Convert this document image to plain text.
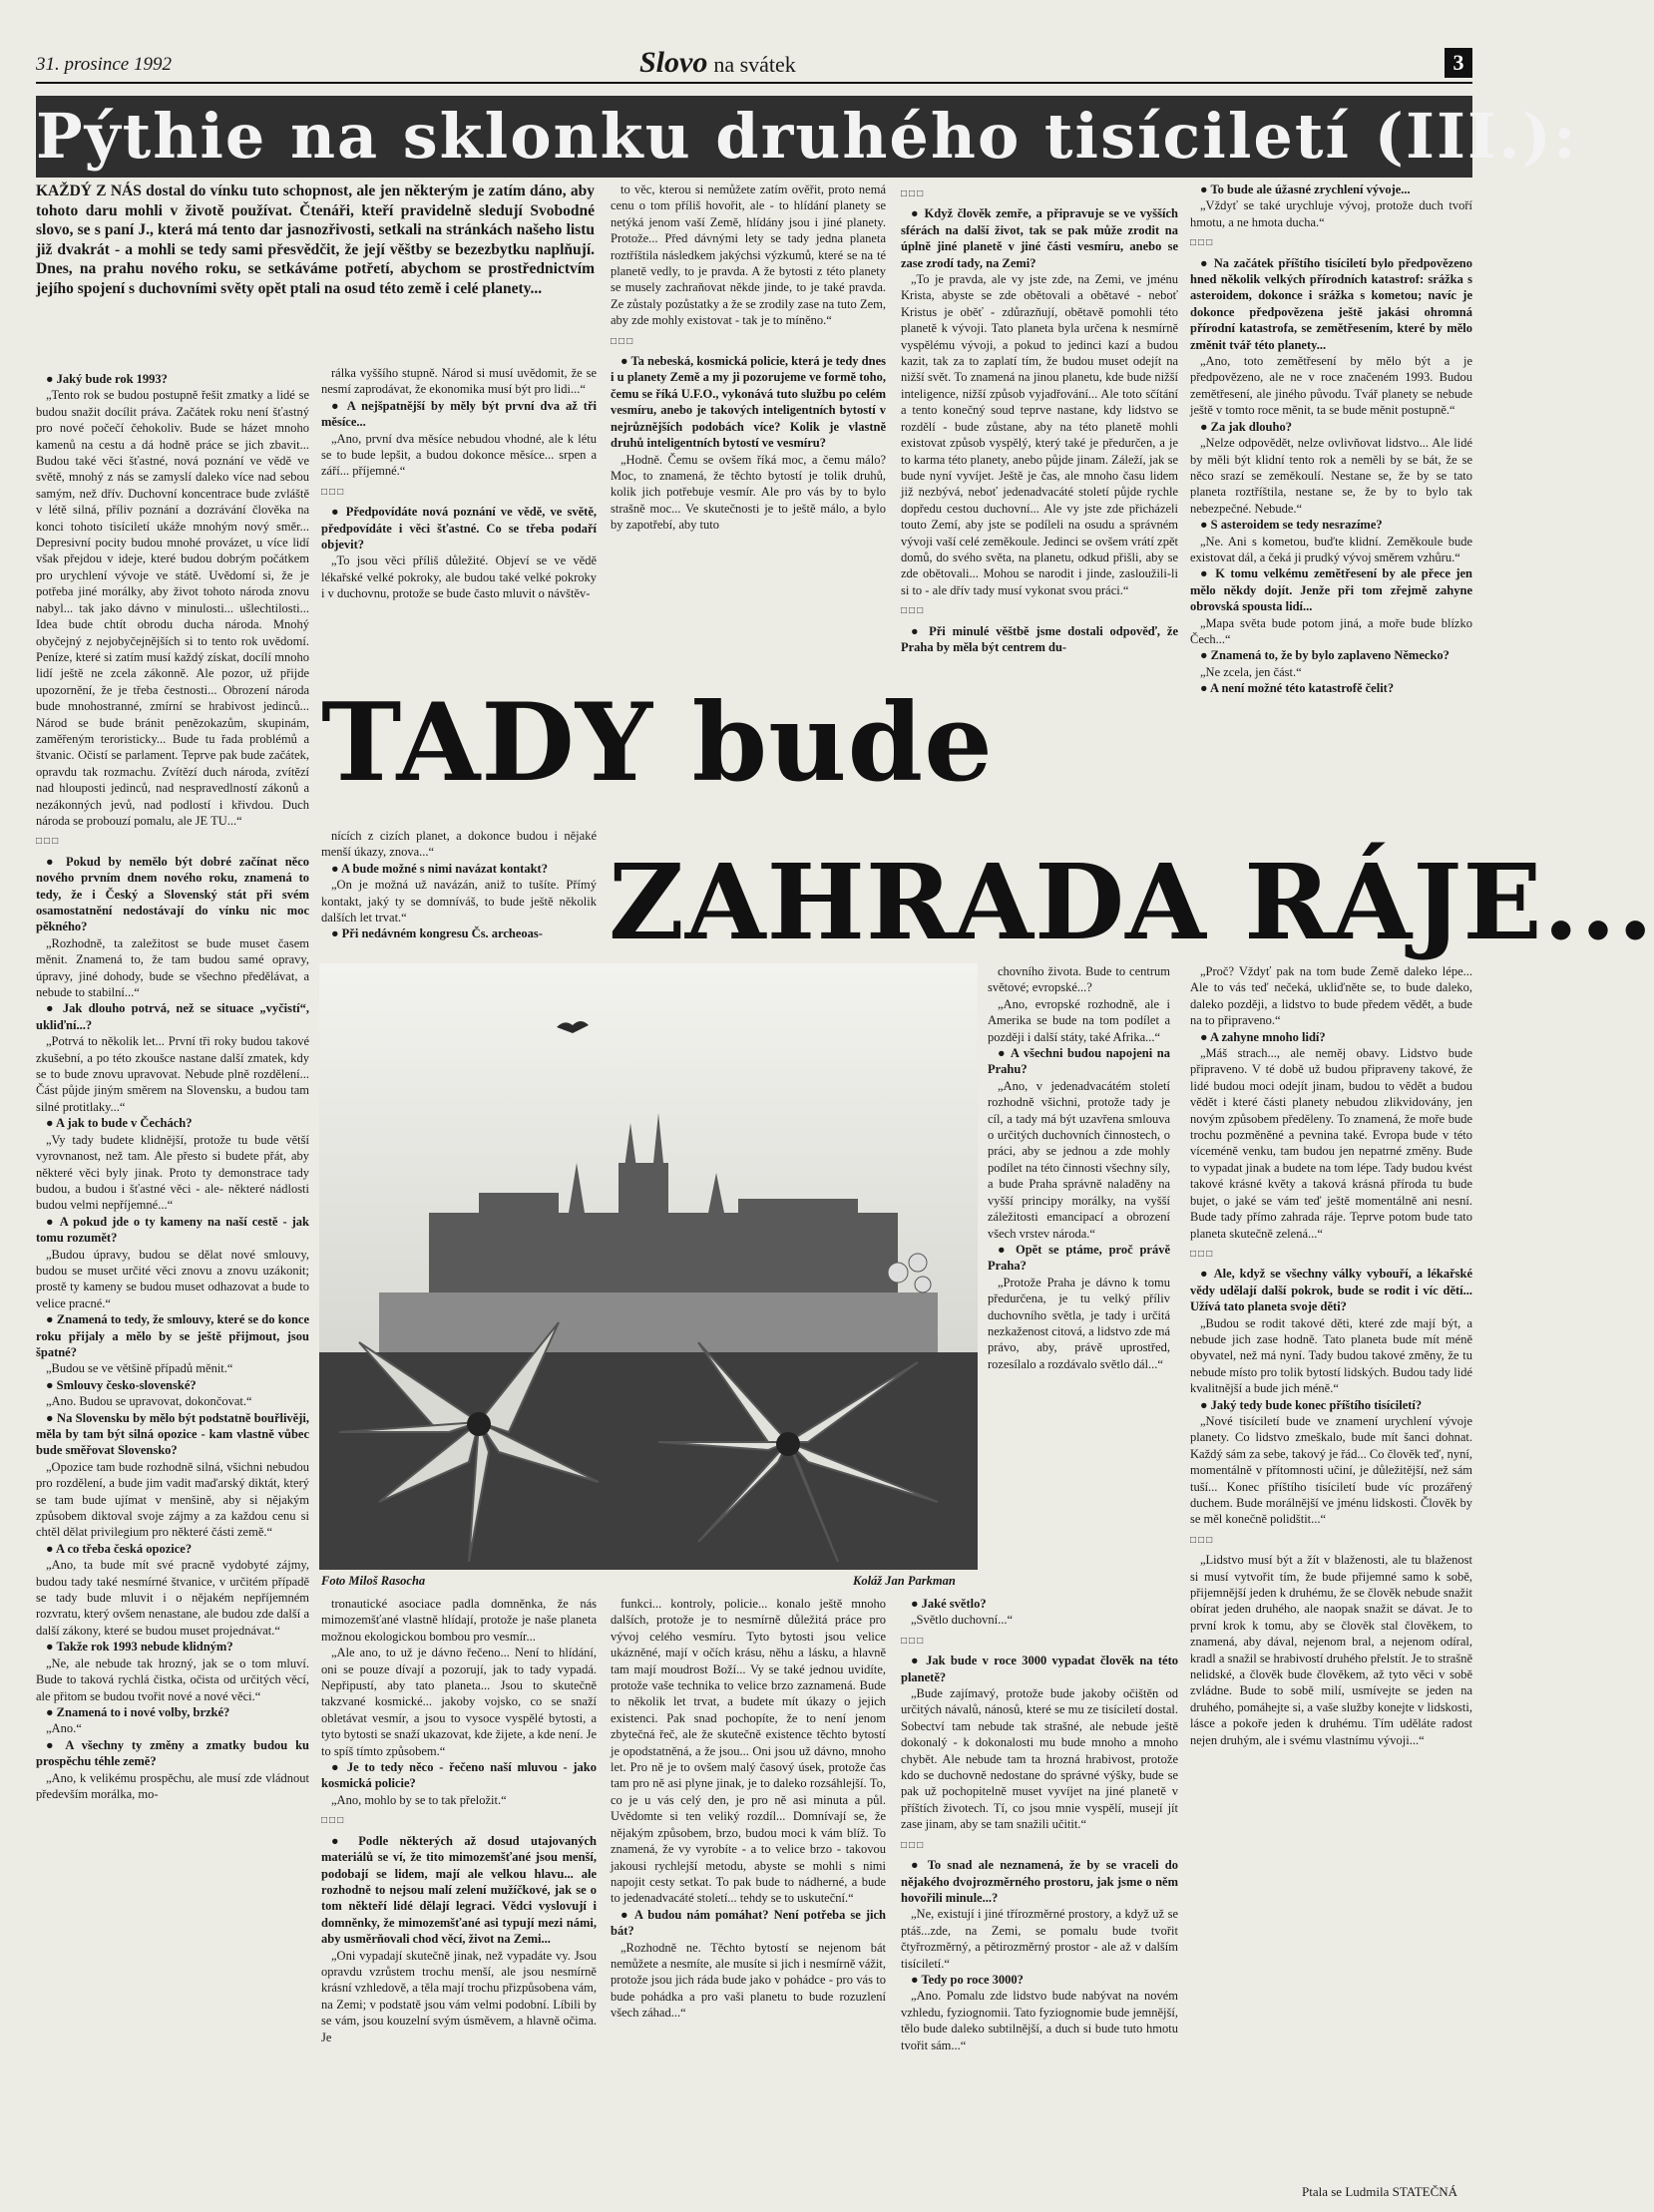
31. prosince 1992	Slovo na svátek	3
Pýthie na sklonku druhého tisíciletí (III.):
KAŽDÝ Z NÁS dostal do vínku tuto schopnost, ale jen některým je zatím dáno, aby tohoto daru mohli v životě používat. Čtenáři, kteří pravidelně sledují Svobodné slovo, se s paní J., která má tento dar jasnozřivosti, setkali na stránkách našeho listu již dvakrát - a mohli se tedy sami přesvědčit, že její věštby se bezezbytku naplňují. Dnes, na prahu nového roku, se setkáváme potřetí, abychom se prostřednictvím jejího spojení s duchovními světy opět ptali na osud této země i celé planety...

● Jaký bude rok 1993?

„Tento rok se budou postupně řešit zmatky a lidé se budou snažit docílit práva. Začátek roku není šťastný pro nové počečí čehokoliv. Bude se házet mnoho kamenů na cestu a dá hodně práce se jich zbavit... Budou také věci šťastné, nová poznání ve vědě ve světě, mnohý z nás se zamyslí daleko více nad sebou samým, než dřív. Duchovní koncentrace bude zvláště v létě silná, příliv poznání a dozrávání člověka na konci tohoto tisíciletí ukáže mnohým nový směr... Depresivní pocity budou mnohé provázet, u více lidí však přejdou v ideje, které budou dobrým počátkem pro urychlení vývoje ve státě. Uvědomí si, že je potřeba jiné morálky, aby život tohoto národa znovu nabyl... tak jako dávno v minulosti... ušlechtilosti... Idea bude chtít obrodu ducha národa. Mnohý obyčejný z nejobyčejnějších si to tento rok uvědomí. Peníze, které si zatím musí každý získat, docílí mnoho lidí ještě ne zcela zákonně. Ale pozor, už přijde upozornění, že je třeba čestnosti... Obrození národa bude mnohostranné, zmírní se hrabivost jedinců... Národ se bude bránit penězokazům, skupinám, zaměřeným teroristicky... Bude tu řada problémů a štvanic. Očistí se parlament. Teprve pak bude začátek, opravdu tak rozmachu. Zvítězí duch národa, zvítězí nad hlouposti jedinců, nad nespravedlností zákonů a nezákonných jevů, nad podlostí i křivdou. Duch národa se probouzí pomalu, ale JE TU...“

□□□

● Pokud by nemělo být dobré začínat něco nového prvním dnem nového roku, znamená to tedy, že i Český a Slovenský stát při svém osamostatnění nedostávají do vínku nic moc pěkného?

„Rozhodně, ta zaležitost se bude muset časem měnit. Znamená to, že tam budou samé opravy, úpravy, jiné dohody, bude se všechno předělávat, a nebude to stabilní...“

● Jak dlouho potrvá, než se situace „vyčistí“, ukliďní...?

„Potrvá to několik let... První tři roky budou takové zkušební, a po této zkoušce nastane další zmatek, kdy se to bude znovu upravovat. Nebude plně rozdělení... Část půjde jiným směrem na Slovensku, a budou tam silné protitlaky...“

● A jak to bude v Čechách?

„Vy tady budete klidnější, protože tu bude větší vyrovnanost, než tam. Ale přesto si budete přát, aby některé věci byly jinak. Proto ty demonstrace tady budou, a budou i šťastné věci - ale- některé nádlosti budou velmi nepříjemné...“

● A pokud jde o ty kameny na naší cestě - jak tomu rozumět?

„Budou úpravy, budou se dělat nové smlouvy, budou se muset určité věci znovu a znovu uzákonit; prostě ty kameny se budou muset odhazovat a bude to velice pracné.“

● Znamená to tedy, že smlouvy, které se do konce roku přijaly a mělo by se ještě přijmout, jsou špatné?

„Budou se ve většině případů měnit.“

● Smlouvy česko-slovenské?

„Ano. Budou se upravovat, dokončovat.“

● Na Slovensku by mělo být podstatně bouřlivěji, měla by tam být silná opozice - kam vlastně vůbec bude směřovat Slovensko?

„Opozice tam bude rozhodně silná, všichni nebudou pro rozdělení, a bude jim vadit maďarský diktát, který se tam bude ujímat v menšině, aby si nějakým způsobem diktoval svoje zájmy a za každou cenu si chtěl dělat privilegium pro některé části země.“

● A co třeba česká opozice?

„Ano, ta bude mít své pracně vydobyté zájmy, budou tady také nesmírné štvanice, v určitém případě se tady bude mluvit i o nějakém nepříjemném rozvratu, který ovšem nenastane, ale budou zde další a další zákony, které se budou muset projednávat.“

● Takže rok 1993 nebude klidným?

„Ne, ale nebude tak hrozný, jak se o tom mluví. Bude to taková rychlá čistka, očista od určitých věcí, ale přitom se budou tvořit nové a nové věci.“

● Znamená to i nové volby, brzké?

„Ano.“

● A všechny ty změny a zmatky budou ku prospěchu téhle země?

„Ano, k velikému prospěchu, ale musí zde vládnout především morálka, mo-

rálka vyššího stupně. Národ si musí uvědomit, že se nesmí zaprodávat, že ekonomika musí být pro lidi...“

● A nejšpatnější by měly být první dva až tři měsíce...

„Ano, první dva měsíce nebudou vhodné, ale k létu se to bude lepšit, a budou dokonce měsíce... srpen a září... příjemné.“

□□□

● Předpovídáte nová poznání ve vědě, ve světě, předpovídáte i věci šťastné. Co se třeba podaří objevit?

„To jsou věci příliš důležité. Objeví se ve vědě lékařské velké pokroky, ale budou také velké pokroky i v duchovnu, protože se bude často mluvit o návštěv-

to věc, kterou si nemůžete zatím ověřit, proto nemá cenu o tom příliš hovořit, ale - to hlídání planety se netýká jenom vaší Země, hlídány jsou i jiné planety. Protože... Před dávnými lety se tady jedna planeta roztříštila následkem jakýchsi výzkumů, které se na té planetě vedly, to je pravda. A že bytosti z této planety se musely zachraňovat někde jinde, to je také pravda. Ze zůstaly pozůstatky a že se zrodily zase na tuto Zem, aby zde mohly existovat - tak je to míněno.“

□□□

● Ta nebeská, kosmická policie, která je tedy dnes i u planety Země a my ji pozorujeme ve formě toho, čemu se říká U.F.O., vykonává tuto službu po celém vesmíru, anebo je takových inteligentních bytostí v nejrůznějších podobách více? Kolik je vlastně druhů inteligentních bytostí ve vesmíru?

„Hodně. Čemu se ovšem říká moc, a čemu málo? Moc, to znamená, že těchto bytostí je tolik druhů, kolik jich potřebuje vesmír. Ale pro vás by to bylo strašně moc... Ve skutečnosti je to ještě málo, a bylo by zapotřebí, aby tuto

□□□

● Když člověk zemře, a připravuje se ve vyšších sférách na další život, tak se pak může zrodit na úplně jiné planetě v jiné části vesmíru, anebo se zase zrodí tady, na Zemi?

„To je pravda, ale vy jste zde, na Zemi, ve jménu Krista, abyste se zde obětovali a obětavé - neboť Kristus je oběť - zdůrazňují, obětavě pomohli této planetě k vývoji. Tato planeta byla určena k nesmírně vyspělému vývoji, a pokud to jedinci kazí a budou kazit, tak za to zaplatí tím, že budou muset odejít na nižší svět. To znamená na jinou planetu, kde bude nižší inteligence, nižší způsob vyjadřování... Ale toto sčítání a tento konečný soud teprve nastane, kdy lidstvo se rozdělí - bude zůstane, aby na této planetě mohli existovat způsob vyspělý, který také je předurčen, a je to karma této planety, anebo půjde jinam. Záleží, jak se bude nyní vyvíjet. Ještě je čas, ale mnoho času lidem již nezbývá, neboť jedenadvacáté století půjde rychle dopředu cestou duchovní... Ale vy jste zde přicházeli touto Zemí, aby jste se podíleli na osudu a správném vývoji vaší celé zeměkoule. Jedinci se ovšem vrátí zpět domů, do svého světa, na planetu, odkud přišli, aby se zde obětovali... Mohou se narodit i jinde, zasloužili-li si to - ale dřív tady musí vykonat svou práci.“

□□□

● Při minulé věštbě jsme dostali odpověď, že Praha by měla být centrem du-

● To bude ale úžasné zrychlení vývoje...

„Vždyť se také urychluje vývoj, protože duch tvoří hmotu, a ne hmota ducha.“

□□□

● Na začátek příštího tisíciletí bylo předpovězeno hned několik velkých přírodních katastrof: srážka s asteroidem, dokonce i srážka s kometou; navíc je dokonce předpovězena ještě jakási ohromná přírodní katastrofa, se zemětřesením, které by mělo změnit tvář této planety...

„Ano, toto zemětřesení by mělo být a je předpovězeno, ale ne v roce značeném 1993. Budou zemětřesení, ale jiného původu. Tvář planety se nebude ještě v tomto roce měnit, ta se bude měnit postupně.“

● Za jak dlouho?

„Nelze odpovědět, nelze ovlivňovat lidstvo... Ale lidé by měli být klidní tento rok a neměli by se bát, že se něco srazí se zeměkoulí. Nestane se, že by se tato planeta roztříštila, nestane se, že by to bylo tak nebezpečné. Nebude.“

● S asteroidem se tedy nesrazíme?

„Ne. Ani s kometou, buďte klidní. Zeměkoule bude existovat dál, a čeká ji prudký vývoj směrem vzhůru.“

● K tomu velkému zemětřesení by ale přece jen mělo někdy dojít. Jenže při tom zřejmě zahyne obrovská spousta lidí...

„Mapa světa bude potom jiná, a moře bude blízko Čech...“

● Znamená to, že by bylo zaplaveno Německo?

„Ne zcela, jen část.“

● A není možné této katastrofě čelit?

TADY bude
ZAHRADA RÁJE...

nících z cizích planet, a dokonce budou i nějaké menší úkazy, znova...“

● A bude možné s nimi navázat kontakt?

„On je možná už navázán, aniž to tušíte. Přímý kontakt, jaký ty se domníváš, to bude ještě několik dalších let trvat.“

● Při nedávném kongresu Čs. archeoas-

chovního života. Bude to centrum světové; evropské...?

„Ano, evropské rozhodně, ale i Amerika se bude na tom podílet a později i další státy, také Afrika...“

● A všechni budou napojeni na Prahu?

„Ano, v jedenadvacátém století rozhodně všichni, protože tady je cíl, a tady má být uzavřena smlouva o určitých duchovních činnostech, o práci, aby se jednou a zde mohly podílet na této činnosti všechny síly, a bude Praha správně naladěny na vyšší principy morálky, na vyšší záležitosti emancipací a obrození všech vrstev národa.“

● Opět se ptáme, proč právě Praha?

„Protože Praha je dávno k tomu předurčena, je tu velký příliv duchovního světla, je tady i určitá nezkaženost citová, a lidstvo zde má právo, aby, právě uprostřed, rozesílalo a rozdávalo světlo dál...“

„Proč? Vždyť pak na tom bude Země daleko lépe... Ale to vás teď nečeká, ukliďněte se, to bude daleko, daleko později, a lidstvo to bude předem vědět, a bude na to připraveno.“

● A zahyne mnoho lidí?

„Máš strach..., ale neměj obavy. Lidstvo bude připraveno. V té době už budou připraveny takové, že lidé budou moci odejít jinam, budou to vědět a budou vědět i které části planety nebudou zlikvidovány, jen novým způsobem předěleny. To znamená, že moře bude trochu pozměněné a pevnina také. Evropa bude v této víceméně venku, tam budou jen nepatrné změny. Bude to vypadat jinak a budete na tom lépe. Tady budou kvést takové krásné květy a taková krásná příroda tu bude bujet, o jaké se vám teď ještě momentálně ani nesní. Bude tady přímo zahrada ráje. Teprve potom bude tato planeta skutečně zelená...“

□□□

● Ale, když se všechny války vybouří, a lékařské vědy udělají další pokrok, bude se rodit i víc dětí... Užívá tato planeta svoje děti?

„Budou se rodit takové děti, které zde mají být, a nebude jich zase hodně. Tato planeta bude mít méně obyvatel, než má nyní. Tady budou takové změny, že tu nebude místo pro tolik bytostí lidských. Budou tady lidé kvalitnější a bude jich méně.“

● Jaký tedy bude konec příštího tisíciletí?

„Nové tisíciletí bude ve znamení urychlení vývoje planety. Co lidstvo zmeškalo, bude mít šanci dohnat. Každý sám za sebe, takový je řád... Co člověk teď, nyní, momentálně v přítomnosti učiní, je důležitější, než sám tuší... Konec příštího tisíciletí bude víc prozářený duchem. Bude morálnější ve jménu lidskosti. Člověk by se měl konečně polidštit...“

□□□

„Lidstvo musí být a žít v blaženosti, ale tu blaženost si musí vytvořit tím, že bude přijemné samo k sobě, přijemnější jeden k druhému, že se člověk nebude snažit obírat jeden druhého, ale naopak snažit se dávat. Je to první krok k tomu, aby se člověk stal člověkem, to znamená, aby dával, nejenom bral, a nejenom odíral, kradl a snažil se hrabivostí druhého přelstít. Je to strašně nelidské, a člověk bude člověkem, až tyto věci v sobě zvládne. Bude to sobě milí, usmívejte se jeden na druhého, pomáhejte si, a vaše služby konejte v lidskosti, lásce a pokoře jeden k druhému. Tím uděláte radost nejen druhým, ale i svému vlastnímu vývoji...“

Foto Miloš Rasocha	Koláž Jan Parkman

tronautické asociace padla domněnka, že nás mimozemšťané vlastně hlídají, protože je naše planeta možnou ekologickou bombou pro vesmír...

„Ale ano, to už je dávno řečeno... Není to hlídání, oni se pouze dívají a pozorují, jak to tady vypadá. Nepřipustí, aby tato planeta... Jsou to skutečně takzvané kosmické... jakoby vojsko, co se snaží obletávat vesmír, a jsou to vysoce vyspělé bytosti, a tyto bytosti se snaží ukazovat, kde žijete, a kde není. Je to spíš tímto způsobem.“

● Je to tedy něco - řečeno naší mluvou - jako kosmická policie?

„Ano, mohlo by se to tak přeložit.“

□□□

● Podle některých až dosud utajovaných materiálů se ví, že tito mimozemšťané jsou menší, podobají se lidem, mají ale velkou hlavu... ale rozhodně to nejsou malí zelení mužíčkové, jak se o tom někteří lidé dělají legraci. Vědci vyslovují i domněnky, že mimozemšťané asi typují mezi námi, aby usměrňovali chod věcí, život na Zemi...

„Oni vypadají skutečně jinak, než vypadáte vy. Jsou opravdu vzrůstem trochu menší, ale jsou nesmírně krásní vzhledově, a těla mají trochu přizpůsobena vám, na Zemi; v podstatě jsou vám velmi podobní. Líbili by se vám, jsou kouzelní svým úsměvem, a hlavně očima. Je

funkci... kontroly, policie... konalo ještě mnoho dalších, protože je to nesmírně důležitá práce pro vývoj celého vesmíru. Tyto bytosti jsou velice ukázněné, mají v očích krásu, něhu a lásku, a hlavně tam mají moudrost Boží... Vy se také jednou uvidíte, protože vaše technika to velice brzo zaznamená. Bude to několik let trvat, a budete mít úkazy o jejich existenci. Pak snad pochopíte, že to není jenom zbytečná řeč, ale že skutečně existence těchto bytostí je opodstatněná, a že jsou... Oni jsou už dávno, mnoho let. Pro ně je to ovšem malý časový úsek, protože čas tam pro ně asi plyne jinak, je to daleko rozsáhlejší. To, co je u vás celý den, je pro ně asi minuta a půl. Uvědomte si ten veliký rozdíl... Domnívají se, že nějakým způsobem, brzo, budou moci k vám blíž. To znamená, že vy vyrobíte - a to velice brzo - takovou jakousi rychlejší metodu, abyste se mohli s nimi napojit cesty setkat. To pak bude to nádherné, a bude to jedenadvacáté století... tehdy se to uskuteční.“

● A budou nám pomáhat? Není potřeba se jich bát?

„Rozhodně ne. Těchto bytostí se nejenom bát nemůžete a nesmíte, ale musíte si jich i nesmírně vážit, protože jsou jich ráda bude jako v pohádce - pro vás to bude pohádka a pro vaši planetu to bude rozuzlení všech záhad...“

● Jaké světlo?

„Světlo duchovní...“

□□□

● Jak bude v roce 3000 vypadat člověk na této planetě?

„Bude zajímavý, protože bude jakoby očištěn od určitých návalů, nánosů, které se mu ze tisíciletí dostal. Sobectví tam nebude tak strašné, ale nebude ještě dokonalý - k dokonalosti mu bude mnoho a mnoho chybět. Ale nebude tam ta hrozná hrabivost, protože kdo se duchovně nedostane do správné výšky, bude se pak už pochopitelně muset vyvíjet na jiné planetě v příštích životech. Tí, co jsou mnie vyspělí, musejí jít zase jinam, aby se tam snažili učitit.“

□□□

● To snad ale neznamená, že by se vraceli do nějakého dvojrozměrného prostoru, jak jsme o něm hovořili minule...?

„Ne, existují i jiné třírozměrné prostory, a když už se ptáš...zde, na Zemi, se pomalu bude tvořit čtyřrozměrný, a pětirozměrný prostor - ale až v dalším tisíciletí.“

● Tedy po roce 3000?

„Ano. Pomalu zde lidstvo bude nabývat na novém vzhledu, fyziognomii. Tato fyziognomie bude jemnější, tělo bude daleko subtilnější, a duch si bude tuto hmotu tvořit sám...“

Ptala se Ludmila STATEČNÁ
